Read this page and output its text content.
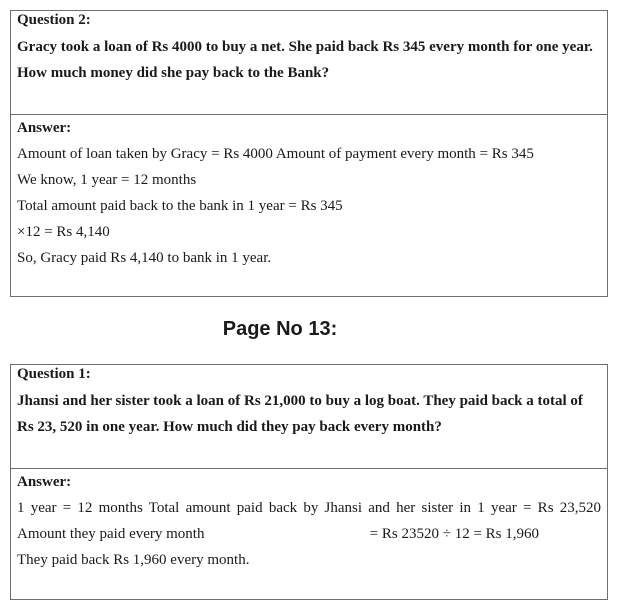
Question 2:
Gracy took a loan of Rs 4000 to buy a net. She paid back Rs 345 every month for one year.
How much money did she pay back to the Bank?
Answer:
Amount of loan taken by Gracy = Rs 4000 Amount of payment every month = Rs 345
We know, 1 year = 12 months
Total amount paid back to the bank in 1 year = Rs 345
×12 = Rs 4,140
So, Gracy paid Rs 4,140 to bank in 1 year.
Page No 13:
Question 1:
Jhansi and her sister took a loan of Rs 21,000 to buy a log boat. They paid back a total of
Rs 23, 520 in one year. How much did they pay back every month?
Answer:
1 year = 12 months Total amount paid back by Jhansi and her sister in 1 year = Rs 23,520
Amount they paid every month	= Rs 23520 ÷ 12 = Rs 1,960
They paid back Rs 1,960 every month.
